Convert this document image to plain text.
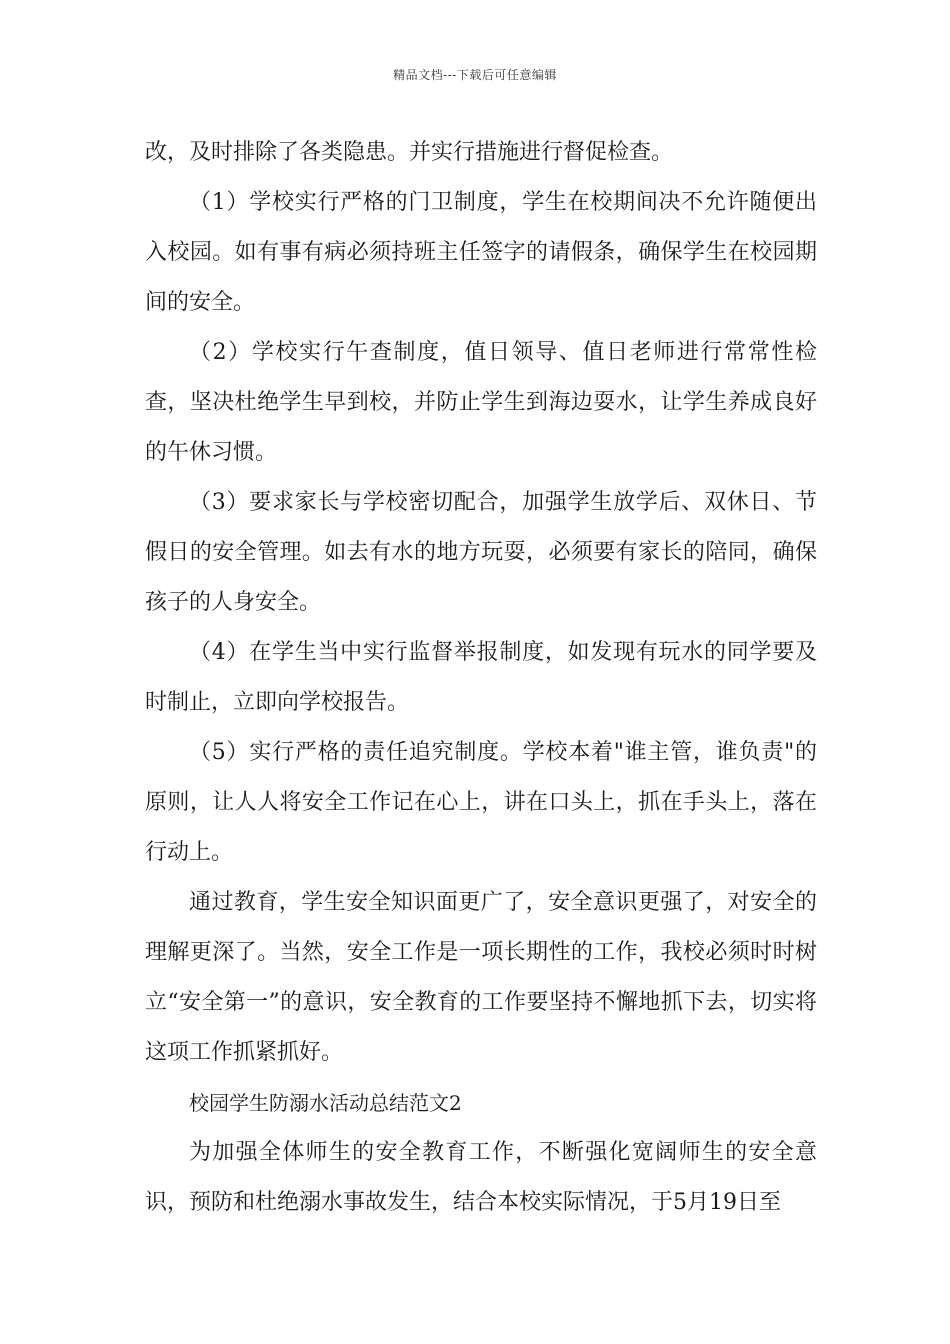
精品文档---下载后可任意编辑

改，及时排除了各类隐患。并实行措施进行督促检查。

（1）学校实行严格的门卫制度，学生在校期间决不允许随便出入校园。如有事有病必须持班主任签字的请假条，确保学生在校园期间的安全。

（2）学校实行午查制度，值日领导、值日老师进行常常性检查，坚决杜绝学生早到校，并防止学生到海边耍水，让学生养成良好的午休习惯。

（3）要求家长与学校密切配合，加强学生放学后、双休日、节假日的安全管理。如去有水的地方玩耍，必须要有家长的陪同，确保孩子的人身安全。

（4）在学生当中实行监督举报制度，如发现有玩水的同学要及时制止，立即向学校报告。

（5）实行严格的责任追究制度。学校本着"谁主管，谁负责"的原则，让人人将安全工作记在心上，讲在口头上，抓在手头上，落在行动上。

通过教育，学生安全知识面更广了，安全意识更强了，对安全的理解更深了。当然，安全工作是一项长期性的工作，我校必须时时树立“安全第一”的意识，安全教育的工作要坚持不懈地抓下去，切实将这项工作抓紧抓好。

校园学生防溺水活动总结范文2

为加强全体师生的安全教育工作，不断强化宽阔师生的安全意识，预防和杜绝溺水事故发生，结合本校实际情况，于5月19日至
